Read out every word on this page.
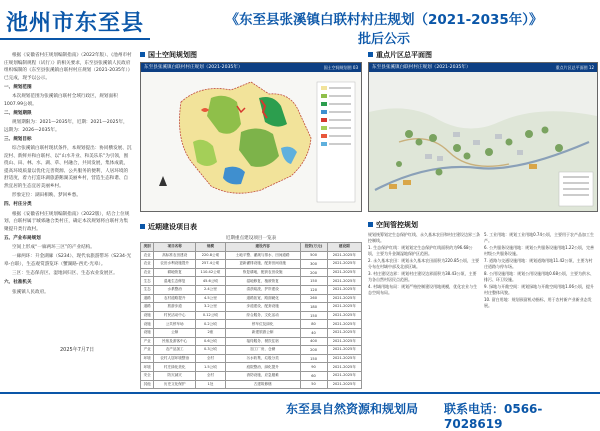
池州市东至县	《东至县张溪镇白联村村庄规划（2021-2035年）》
批后公示

根据《安徽省村庄规划编制指南》（2022年版）、《池州市村庄规划编制规程（试行）》的相关要求，东至县张溪镇人民政府组织编制的《东至县张溪镇白联村村庄规划（2021-2035年）》已完成，现予以公示。

一、规划范围

本次规划范围为张溪镇白联村全域行政区，规划面积1007.99公顷。

二、规划期限

规划期限为：2021—2035年，近期：2021—2025年，远期为：2026—2035年。

三、规划目标

综合张溪镇白联村现状条件，本规划提出：协同横发展、沉淀村、新鲜并和白联村、以“山水升业、和美乐乐”为引领，围绕山、田、林、水、湖、草、村融合，共同发展，集体成就，提高环境质量以优化完善资源、公共服务的便利，人居环境的舒适度，着力打造环湖旅游鹅湖美丽乡村，营造生态和谐、自然宜居的生态宜居美丽乡村。

形象定位：湖田相映、梦回乡愁。

四、村庄分类

根据《安徽省村庄规划编制指南》（2022版），结合上位规划，白联村属于城郊融合类村庄，确定本次规划将白联村为集聚提升类行政村。

五、产业布局规划

空间上形成“一廊两环三区”的产业结构。

一廊两环：升金湖廊（S234）、现代农旅游带环（S234-光皋-白联），生态观赏游览环（蟹湖路-西光-光皋）。

三区：生态保育区、湿地回归区、生态农业发展区。

六、社准机关

张溪镇人民政府。

2025年7月7日
国土空间规划图
国土空间规划图 03
东至县张溪镇白联村村庄规划（2021-2035年）
重点片区总平面图
重点片区总平面图 12
东至县张溪镇白联村村庄规划（2021-2035年）
近期建设项目表
近期重点建设项目一览表					
类别	项目名称	规模	建设内容	投资(万元)	建设期
农业	高标准农田建设	220.8公顷	土地平整、灌溉与排水、田间道路	500	2021-2025年
农业	农田水利设施提升	257.4公顷	更新灌排设施，配套田间设施	300	2021-2025年
农业	耕地恢复	110.42公顷	恢复耕地，配套农田设施	200	2021-2025年
生态	湿地生态修复	45.6公顷	湿地修复，植被恢复	150	2021-2025年
生态	水系整治	2.4公里	清淤疏浚，护岸建设	120	2021-2025年
道路	农村道路提升	4.5公里	道路拓宽，路面硬化	260	2021-2025年
道路	旅游步道	3.2公里	步道建设，配套设施	180	2021-2025年
设施	村民活动中心	0.12公顷	综合服务，文化活动	150	2021-2025年
设施	公共停车场	0.2公顷	停车位及绿化	80	2021-2025年
设施	公厕	2座	新建旅游公厕	40	2021-2025年
产业	民宿及游客中心	0.6公顷	接待服务、餐饮住宿	400	2021-2025年
产业	农产品加工	0.3公顷	加工厂房，仓储	200	2021-2025年
环境	农村人居环境整治	全村	污水收集，垃圾分类	150	2021-2025年
环境	村庄绿化美化	1.5公顷	庭院整治，绿化提升	90	2021-2025年
安全	防灾减灾	全村	消防设施，应急避难	60	2021-2025年
其他	历史文化保护	1处	古建筑修缮	50	2021-2025年
空间管控规划

规划统筹划定生态保护红线、永久基本农田和村庄建设边界三条控制线。

1. 生态保护红线：规划划定生态保护红线面积约为96.68公顷，主要为升金湖湿地保护区范围。

2. 永久基本农田：规划永久基本农田面积为220.85公顷，主要分布在村域中部及北部区域。

3. 村庄建设边界：规划村庄建设边界面积为38.43公顷，主要为各自然村居民点范围。

4. 村域用地布局：规划严格控制建设用地规模，优化农业与生态空间布局。

5. 工业用地：规划工业用地0.74公顷，主要用于农产品加工生产。

6. 公共服务设施用地：规划公共服务设施用地1.22公顷，完善村级公共服务设施。

7. 道路与交通设施用地：规划道路用地11.42公顷，主要为村庄道路与停车场。

8. 公用设施用地：规划公用设施用地0.68公顷，主要为供水、排污、环卫设施。

9. 绿地与开敞空间：规划绿地与开敞空间用地1.06公顷，提升村庄整体风貌。

10. 留白用地：规划预留机动指标，用于农村新产业新业态发展。

东至县自然资源和规划局 联系电话：0566-7028619
